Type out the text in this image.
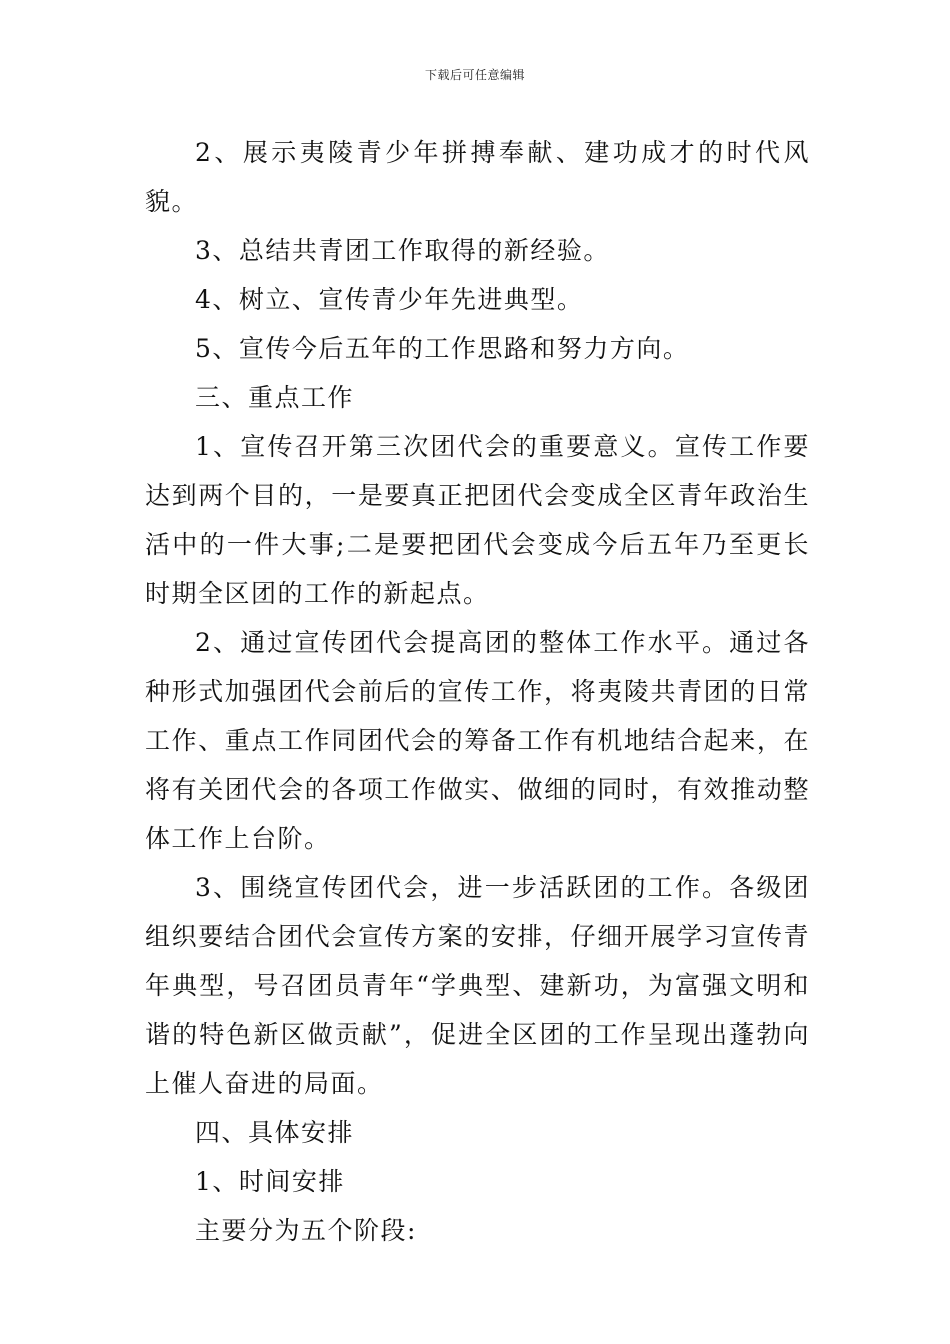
下载后可任意编辑

2、展示夷陵青少年拼搏奉献、建功成才的时代风貌。

3、总结共青团工作取得的新经验。

4、树立、宣传青少年先进典型。

5、宣传今后五年的工作思路和努力方向。

三、重点工作

1、宣传召开第三次团代会的重要意义。宣传工作要达到两个目的，一是要真正把团代会变成全区青年政治生活中的一件大事;二是要把团代会变成今后五年乃至更长时期全区团的工作的新起点。

2、通过宣传团代会提高团的整体工作水平。通过各种形式加强团代会前后的宣传工作，将夷陵共青团的日常工作、重点工作同团代会的筹备工作有机地结合起来，在将有关团代会的各项工作做实、做细的同时，有效推动整体工作上台阶。

3、围绕宣传团代会，进一步活跃团的工作。各级团组织要结合团代会宣传方案的安排，仔细开展学习宣传青年典型，号召团员青年“学典型、建新功，为富强文明和谐的特色新区做贡献”，促进全区团的工作呈现出蓬勃向上催人奋进的局面。

四、具体安排

1、时间安排

主要分为五个阶段:
